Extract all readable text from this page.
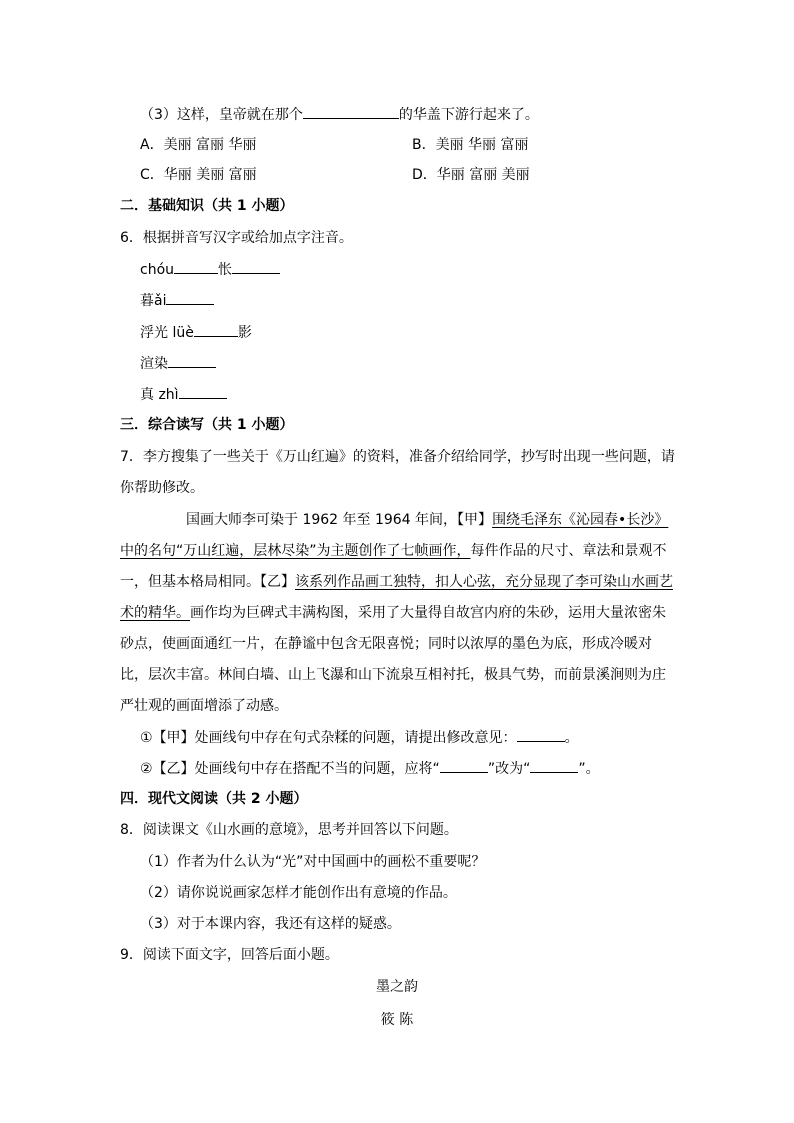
（3）这样，皇帝就在那个	的华盖下游行起来了。
A．美丽 富丽 华丽	B．美丽 华丽 富丽
C．华丽 美丽 富丽	D．华丽 富丽 美丽
二．基础知识（共 1 小题）
6．根据拼音写汉字或给加点字注音。
chóu	怅
暮ǎi
浮光 lüè	影
渲染
真 zhì
三．综合读写（共 1 小题）
7．李方搜集了一些关于《万山红遍》的资料，准备介绍给同学，抄写时出现一些问题，请
你帮助修改。
国画大师李可染于 1962 年至 1964 年间，【甲】围绕毛泽东《沁园春•长沙》中的名句“万山红遍，层林尽染”为主题创作了七帧画作，每件作品的尺寸、章法和景观不一，但基本格局相同。【乙】该系列作品画工独特，扣人心弦，充分显现了李可染山水画艺术的精华。画作均为巨碑式丰满构图，采用了大量得自故宫内府的朱砂，运用大量浓密朱砂点，使画面通红一片，在静谧中包含无限喜悦；同时以浓厚的墨色为底，形成冷暖对比，层次丰富。林间白墙、山上飞瀑和山下流泉互相衬托，极具气势，而前景溪涧则为庄严壮观的画面增添了动感。
①【甲】处画线句中存在句式杂糅的问题，请提出修改意见：	。
②【乙】处画线句中存在搭配不当的问题，应将“	”改为“	”。
四．现代文阅读（共 2 小题）
8．阅读课文《山水画的意境》，思考并回答以下问题。
（1）作者为什么认为“光”对中国画中的画松不重要呢？
（2）请你说说画家怎样才能创作出有意境的作品。
（3）对于本课内容，我还有这样的疑惑。
9．阅读下面文字，回答后面小题。
墨之韵
筱 陈
